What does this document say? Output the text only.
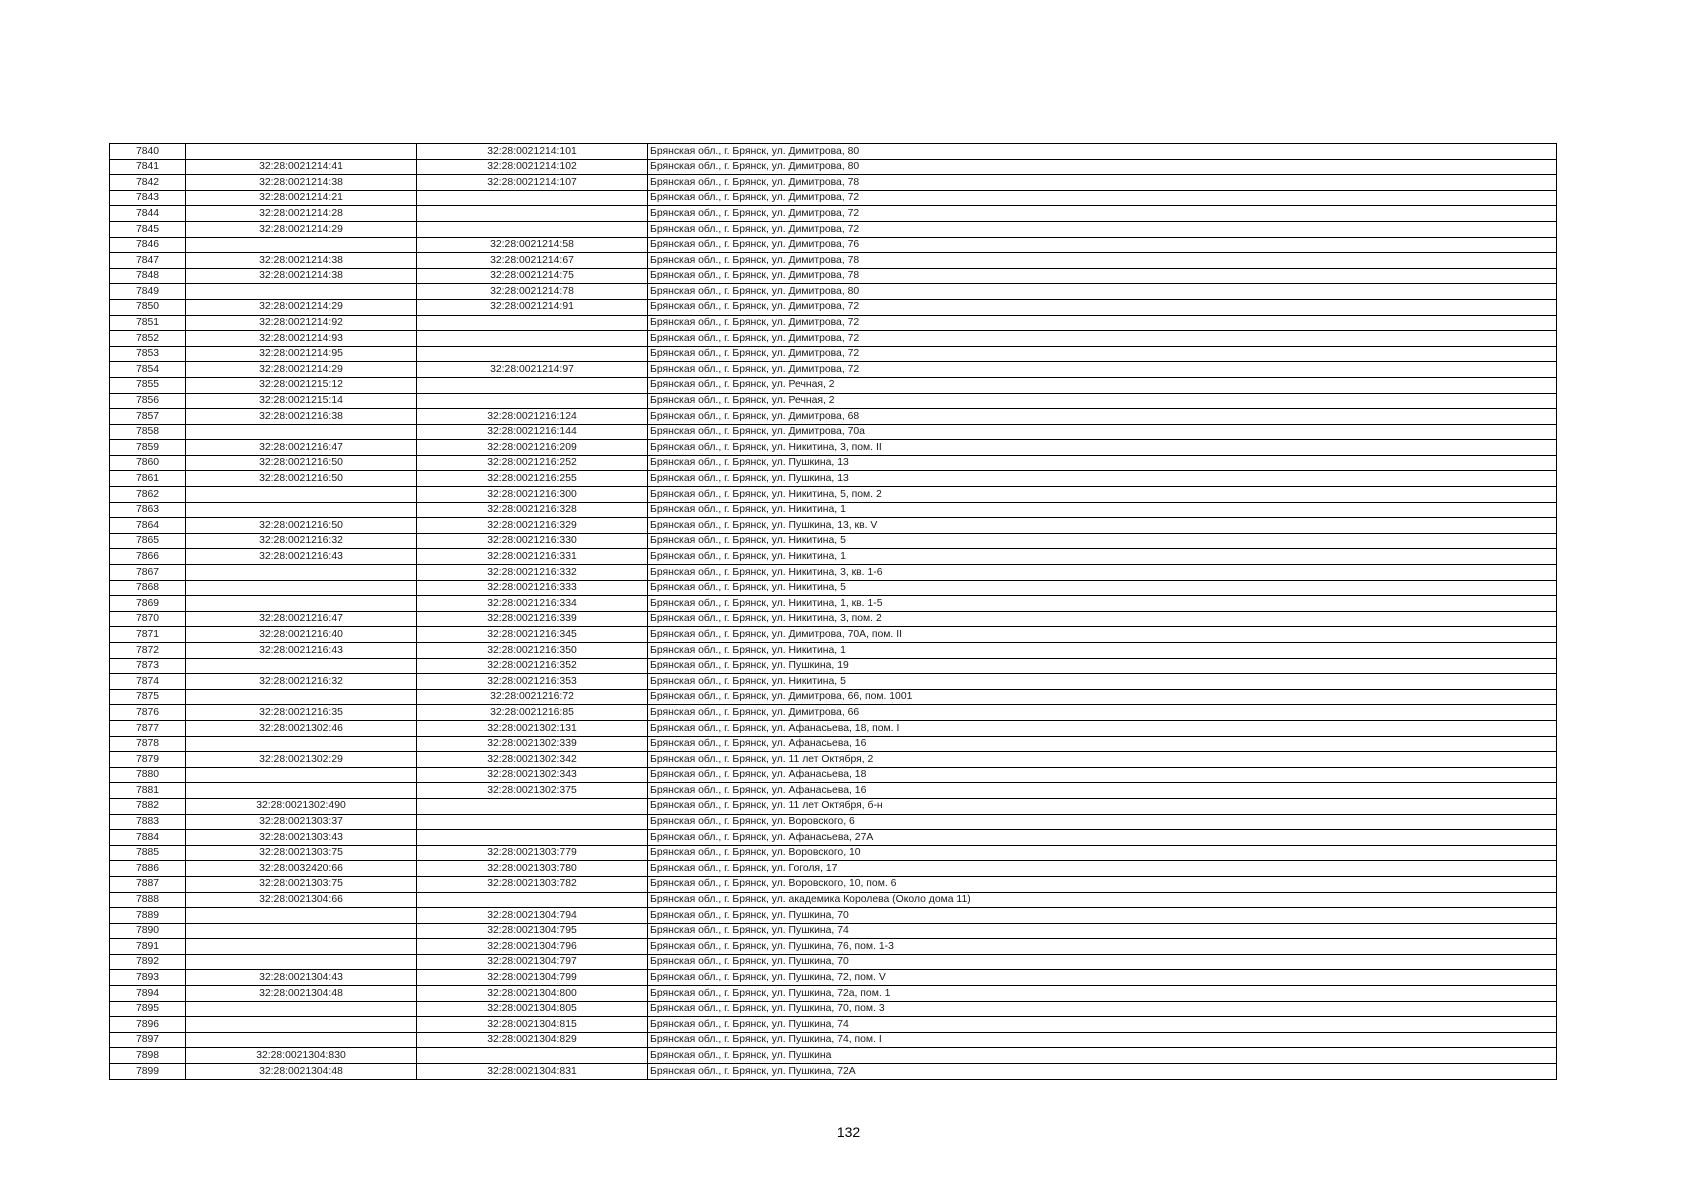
7840		32:28:0021214:101	Брянская обл., г. Брянск, ул. Димитрова, 80
7841	32:28:0021214:41	32:28:0021214:102	Брянская обл., г. Брянск, ул. Димитрова, 80
7842	32:28:0021214:38	32:28:0021214:107	Брянская обл., г. Брянск, ул. Димитрова, 78
7843	32:28:0021214:21		Брянская обл., г. Брянск, ул. Димитрова, 72
7844	32:28:0021214:28		Брянская обл., г. Брянск, ул. Димитрова, 72
7845	32:28:0021214:29		Брянская обл., г. Брянск, ул. Димитрова, 72
7846		32:28:0021214:58	Брянская обл., г. Брянск, ул. Димитрова, 76
7847	32:28:0021214:38	32:28:0021214:67	Брянская обл., г. Брянск, ул. Димитрова, 78
7848	32:28:0021214:38	32:28:0021214:75	Брянская обл., г. Брянск, ул. Димитрова, 78
7849		32:28:0021214:78	Брянская обл., г. Брянск, ул. Димитрова, 80
7850	32:28:0021214:29	32:28:0021214:91	Брянская обл., г. Брянск, ул. Димитрова, 72
7851	32:28:0021214:92		Брянская обл., г. Брянск, ул. Димитрова, 72
7852	32:28:0021214:93		Брянская обл., г. Брянск, ул. Димитрова, 72
7853	32:28:0021214:95		Брянская обл., г. Брянск, ул. Димитрова, 72
7854	32:28:0021214:29	32:28:0021214:97	Брянская обл., г. Брянск, ул. Димитрова, 72
7855	32:28:0021215:12		Брянская обл., г. Брянск, ул. Речная, 2
7856	32:28:0021215:14		Брянская обл., г. Брянск, ул. Речная, 2
7857	32:28:0021216:38	32:28:0021216:124	Брянская обл., г. Брянск, ул. Димитрова, 68
7858		32:28:0021216:144	Брянская обл., г. Брянск, ул. Димитрова, 70а
7859	32:28:0021216:47	32:28:0021216:209	Брянская обл., г. Брянск, ул. Никитина, 3, пом. II
7860	32:28:0021216:50	32:28:0021216:252	Брянская обл., г. Брянск, ул. Пушкина, 13
7861	32:28:0021216:50	32:28:0021216:255	Брянская обл., г. Брянск, ул. Пушкина, 13
7862		32:28:0021216:300	Брянская обл., г. Брянск, ул. Никитина, 5, пом. 2
7863		32:28:0021216:328	Брянская обл., г. Брянск, ул. Никитина, 1
7864	32:28:0021216:50	32:28:0021216:329	Брянская обл., г. Брянск, ул. Пушкина, 13, кв. V
7865	32:28:0021216:32	32:28:0021216:330	Брянская обл., г. Брянск, ул. Никитина, 5
7866	32:28:0021216:43	32:28:0021216:331	Брянская обл., г. Брянск, ул. Никитина, 1
7867		32:28:0021216:332	Брянская обл., г. Брянск, ул. Никитина, 3, кв. 1-6
7868		32:28:0021216:333	Брянская обл., г. Брянск, ул. Никитина, 5
7869		32:28:0021216:334	Брянская обл., г. Брянск, ул. Никитина, 1, кв. 1-5
7870	32:28:0021216:47	32:28:0021216:339	Брянская обл., г. Брянск, ул. Никитина, 3, пом. 2
7871	32:28:0021216:40	32:28:0021216:345	Брянская обл., г. Брянск, ул. Димитрова, 70А, пом. II
7872	32:28:0021216:43	32:28:0021216:350	Брянская обл., г. Брянск, ул. Никитина, 1
7873		32:28:0021216:352	Брянская обл., г. Брянск, ул. Пушкина, 19
7874	32:28:0021216:32	32:28:0021216:353	Брянская обл., г. Брянск, ул. Никитина, 5
7875		32:28:0021216:72	Брянская обл., г. Брянск, ул. Димитрова, 66, пом. 1001
7876	32:28:0021216:35	32:28:0021216:85	Брянская обл., г. Брянск, ул. Димитрова, 66
7877	32:28:0021302:46	32:28:0021302:131	Брянская обл., г. Брянск, ул. Афанасьева, 18, пом. I
7878		32:28:0021302:339	Брянская обл., г. Брянск, ул. Афанасьева, 16
7879	32:28:0021302:29	32:28:0021302:342	Брянская обл., г. Брянск, ул. 11 лет Октября, 2
7880		32:28:0021302:343	Брянская обл., г. Брянск, ул. Афанасьева, 18
7881		32:28:0021302:375	Брянская обл., г. Брянск, ул. Афанасьева, 16
7882	32:28:0021302:490		Брянская обл., г. Брянск, ул. 11 лет Октября, б-н
7883	32:28:0021303:37		Брянская обл., г. Брянск, ул. Воровского, 6
7884	32:28:0021303:43		Брянская обл., г. Брянск, ул. Афанасьева, 27А
7885	32:28:0021303:75	32:28:0021303:779	Брянская обл., г. Брянск, ул. Воровского, 10
7886	32:28:0032420:66	32:28:0021303:780	Брянская обл., г. Брянск, ул. Гоголя, 17
7887	32:28:0021303:75	32:28:0021303:782	Брянская обл., г. Брянск, ул. Воровского, 10, пом. 6
7888	32:28:0021304:66		Брянская обл., г. Брянск, ул. академика Королева (Около дома 11)
7889		32:28:0021304:794	Брянская обл., г. Брянск, ул. Пушкина, 70
7890		32:28:0021304:795	Брянская обл., г. Брянск, ул. Пушкина, 74
7891		32:28:0021304:796	Брянская обл., г. Брянск, ул. Пушкина, 76, пом. 1-3
7892		32:28:0021304:797	Брянская обл., г. Брянск, ул. Пушкина, 70
7893	32:28:0021304:43	32:28:0021304:799	Брянская обл., г. Брянск, ул. Пушкина, 72, пом. V
7894	32:28:0021304:48	32:28:0021304:800	Брянская обл., г. Брянск, ул. Пушкина, 72а, пом. 1
7895		32:28:0021304:805	Брянская обл., г. Брянск, ул. Пушкина, 70, пом. 3
7896		32:28:0021304:815	Брянская обл., г. Брянск, ул. Пушкина, 74
7897		32:28:0021304:829	Брянская обл., г. Брянск, ул. Пушкина, 74, пом. I
7898	32:28:0021304:830		Брянская обл., г. Брянск, ул. Пушкина
7899	32:28:0021304:48	32:28:0021304:831	Брянская обл., г. Брянск, ул. Пушкина, 72А
132
